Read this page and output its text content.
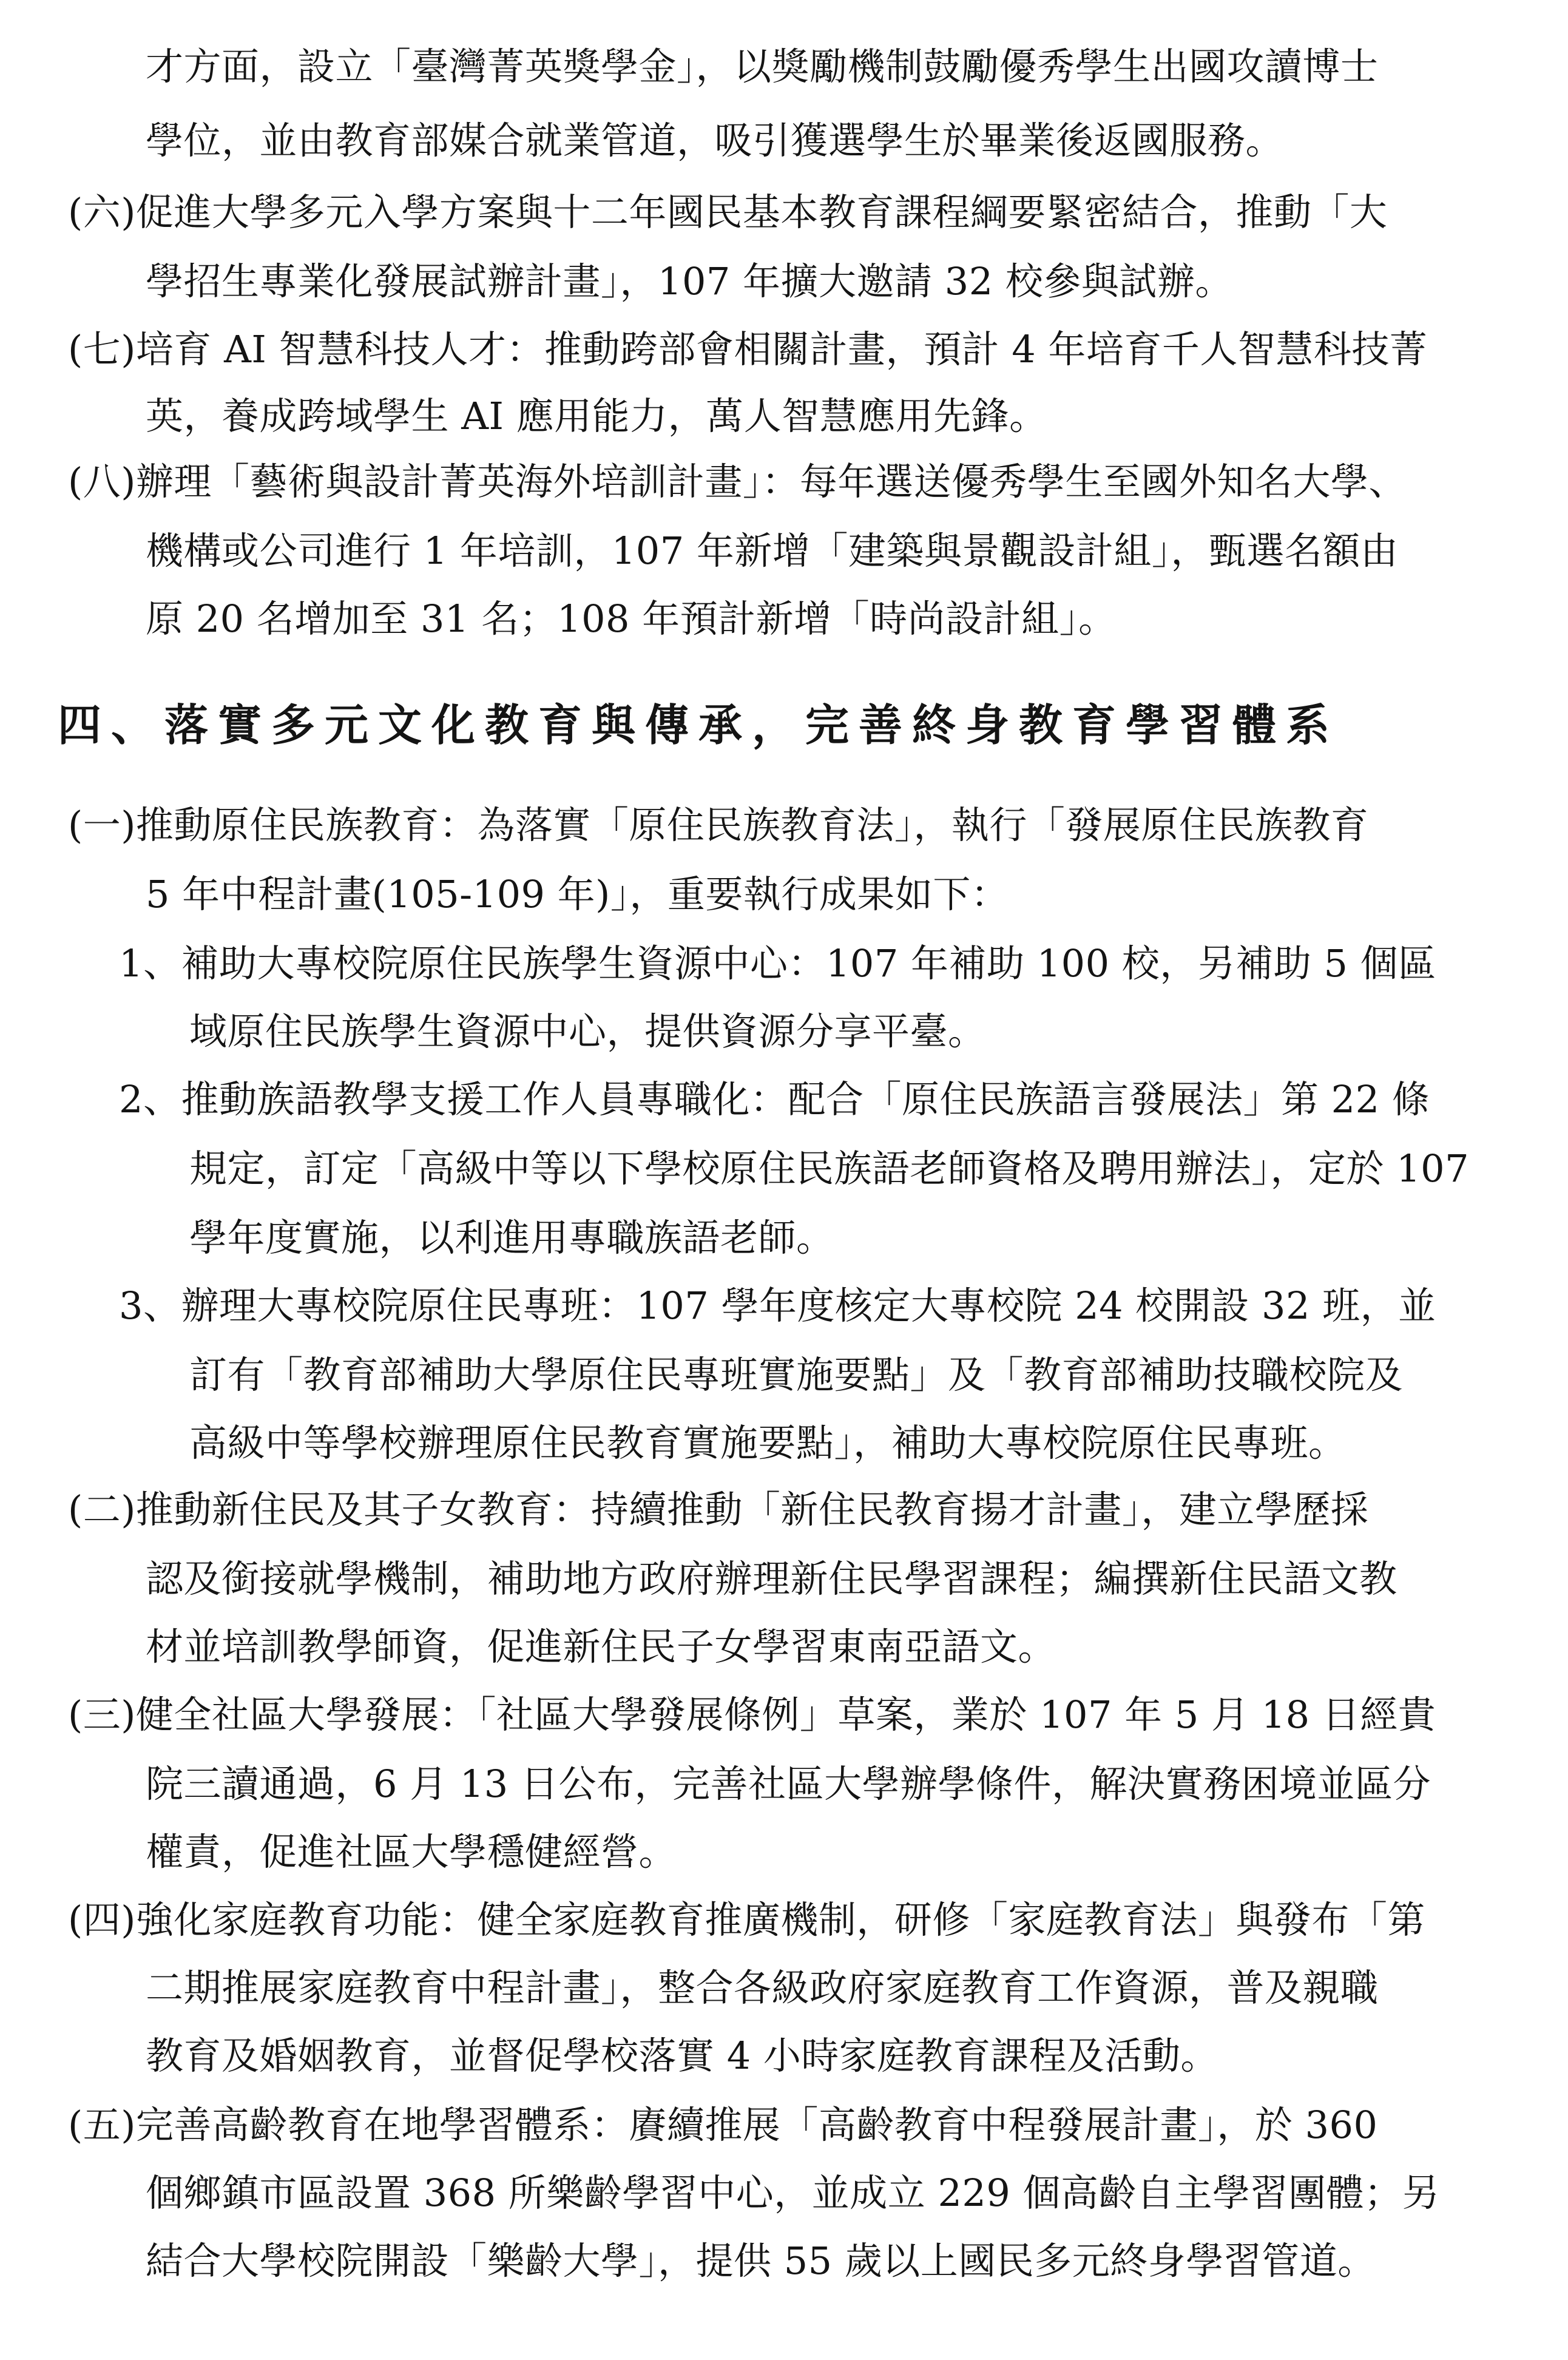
才方面，設立「臺灣菁英獎學金」，以獎勵機制鼓勵優秀學生出國攻讀博士

學位，並由教育部媒合就業管道，吸引獲選學生於畢業後返國服務。

(六)促進大學多元入學方案與十二年國民基本教育課程綱要緊密結合，推動「大

學招生專業化發展試辦計畫」，107 年擴大邀請 32 校參與試辦。

(七)培育 AI 智慧科技人才：推動跨部會相關計畫，預計 4 年培育千人智慧科技菁

英，養成跨域學生 AI 應用能力，萬人智慧應用先鋒。

(八)辦理「藝術與設計菁英海外培訓計畫」：每年選送優秀學生至國外知名大學、

機構或公司進行 1 年培訓，107 年新增「建築與景觀設計組」，甄選名額由

原 20 名增加至 31 名；108 年預計新增「時尚設計組」。

四、落實多元文化教育與傳承，完善終身教育學習體系

(一)推動原住民族教育：為落實「原住民族教育法」，執行「發展原住民族教育

5 年中程計畫(105-109 年)」，重要執行成果如下：

1、補助大專校院原住民族學生資源中心：107 年補助 100 校，另補助 5 個區

域原住民族學生資源中心，提供資源分享平臺。

2、推動族語教學支援工作人員專職化：配合「原住民族語言發展法」第 22 條

規定，訂定「高級中等以下學校原住民族語老師資格及聘用辦法」，定於 107

學年度實施，以利進用專職族語老師。

3、辦理大專校院原住民專班：107 學年度核定大專校院 24 校開設 32 班，並

訂有「教育部補助大學原住民專班實施要點」及「教育部補助技職校院及

高級中等學校辦理原住民教育實施要點」，補助大專校院原住民專班。

(二)推動新住民及其子女教育：持續推動「新住民教育揚才計畫」，建立學歷採

認及銜接就學機制，補助地方政府辦理新住民學習課程；編撰新住民語文教

材並培訓教學師資，促進新住民子女學習東南亞語文。

(三)健全社區大學發展：「社區大學發展條例」草案，業於 107 年 5 月 18 日經貴

院三讀通過，6 月 13 日公布，完善社區大學辦學條件，解決實務困境並區分

權責，促進社區大學穩健經營。

(四)強化家庭教育功能：健全家庭教育推廣機制，研修「家庭教育法」與發布「第

二期推展家庭教育中程計畫」，整合各級政府家庭教育工作資源，普及親職

教育及婚姻教育，並督促學校落實 4 小時家庭教育課程及活動。

(五)完善高齡教育在地學習體系：賡續推展「高齡教育中程發展計畫」，於 360

個鄉鎮市區設置 368 所樂齡學習中心，並成立 229 個高齡自主學習團體；另

結合大學校院開設「樂齡大學」，提供 55 歲以上國民多元終身學習管道。
